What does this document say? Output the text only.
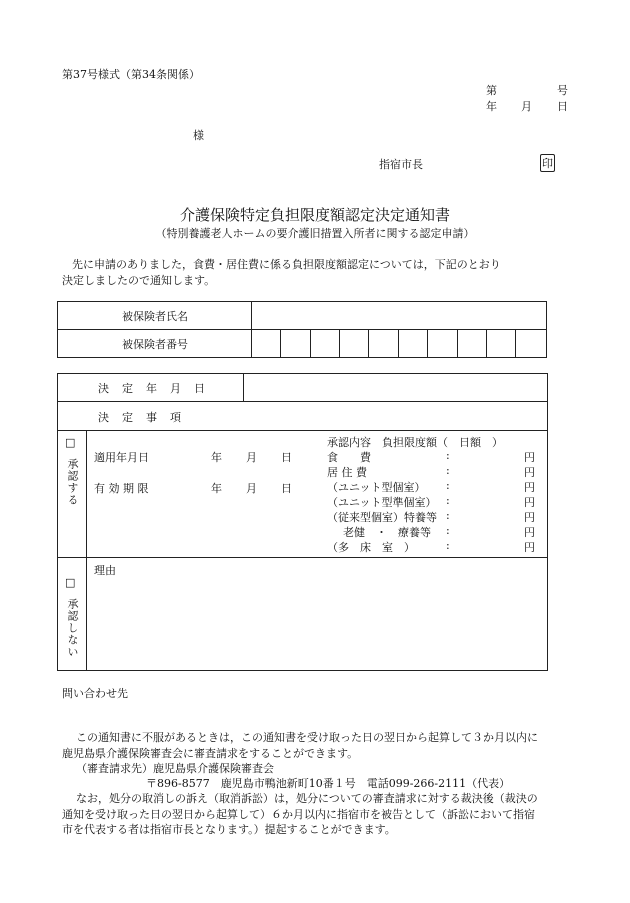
第37号様式（第34条関係）
第	号
年 月 日
様
指宿市長	印
介護保険特定負担限度額認定決定通知書
（特別養護老人ホームの要介護旧措置入所者に関する認定申請）
先に申請のありました，食費・居住費に係る負担限度額認定については，下記のとおり
決定しましたので通知します。
被保険者氏名
被保険者番号
決　定　年　月　日
決　定　事　項
□
承認する
適用年月日	年 月 日
有 効 期 限	年 月 日
承認内容　負担限度額（　日額　）
食　　費	:	円
居 住 費	:	円
（ユニット型個室） :	円
（ユニット型準個室） :	円
（従来型個室）特養等 :	円
老健　・　療養等 :	円
（多　床　室　）	:	円
□
承認しない
理由
問い合わせ先
この通知書に不服があるときは，この通知書を受け取った日の翌日から起算して３か月以内に
鹿児島県介護保険審査会に審査請求をすることができます。
（審査請求先）鹿児島県介護保険審査会
〒896-8577　鹿児島市鴨池新町10番１号　電話099-266-2111（代表）
なお，処分の取消しの訴え（取消訴訟）は，処分についての審査請求に対する裁決後（裁決の
通知を受け取った日の翌日から起算して）６か月以内に指宿市を被告として（訴訟において指宿
市を代表する者は指宿市長となります。）提起することができます。
